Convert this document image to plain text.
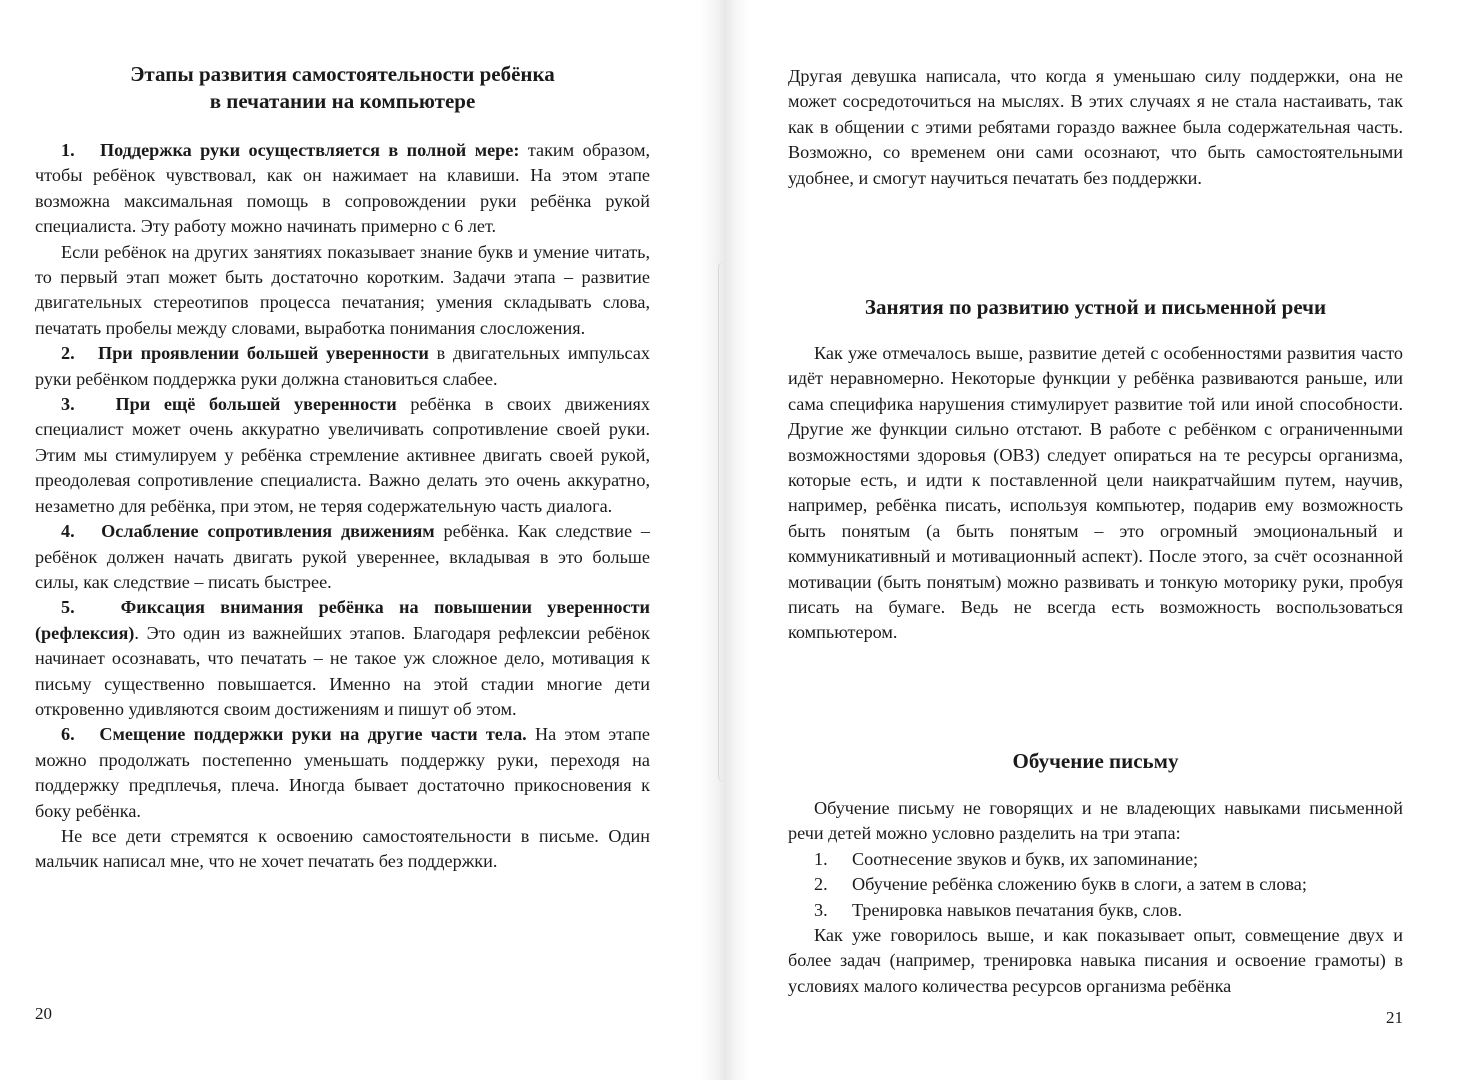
Этапы развития самостоятельности ребёнка

в печатании на компьютере

1. Поддержка руки осуществляется в полной мере: таким образом, чтобы ребёнок чувствовал, как он нажимает на клавиши. На этом этапе возможна максимальная помощь в сопровождении руки ребёнка рукой специалиста. Эту работу можно начинать примерно с 6 лет.

Если ребёнок на других занятиях показывает знание букв и умение читать, то первый этап может быть достаточно коротким. Задачи этапа – развитие двигательных стереотипов процесса печатания; умения складывать слова, печатать пробелы между словами, выработка понимания слосложения.

2. При проявлении большей уверенности в двигательных импульсах руки ребёнком поддержка руки должна становиться слабее.

3. При ещё большей уверенности ребёнка в своих движениях специалист может очень аккуратно увеличивать сопротивление своей руки. Этим мы стимулируем у ребёнка стремление активнее двигать своей рукой, преодолевая сопротивление специалиста. Важно делать это очень аккуратно, незаметно для ребёнка, при этом, не теряя содержательную часть диалога.

4. Ослабление сопротивления движениям ребёнка. Как следствие – ребёнок должен начать двигать рукой увереннее, вкладывая в это больше силы, как следствие – писать быстрее.

5.	Фиксация внимания ребёнка на повышении уверенности (рефлексия). Это один из важнейших этапов. Благодаря рефлексии ребёнок начинает осознавать, что печатать – не такое уж сложное дело, мотивация к письму существенно повышается. Именно на этой стадии многие дети откровенно удивляются своим достижениям и пишут об этом.

6. Смещение поддержки руки на другие части тела. На этом этапе можно продолжать постепенно уменьшать поддержку руки, переходя на поддержку предплечья, плеча. Иногда бывает достаточно прикосновения к боку ребёнка.

Не все дети стремятся к освоению самостоятельности в письме. Один мальчик написал мне, что не хочет печатать без поддержки.

20

Другая девушка написала, что когда я уменьшаю силу поддержки, она не может сосредоточиться на мыслях. В этих случаях я не стала настаивать, так как в общении с этими ребятами гораздо важнее была содержательная часть. Возможно, со временем они сами осознают, что быть самостоятельными удобнее, и смогут научиться печатать без поддержки.

Занятия по развитию устной и письменной речи

Как уже отмечалось выше, развитие детей с особенностями развития часто идёт неравномерно. Некоторые функции у ребёнка развиваются раньше, или сама специфика нарушения стимулирует развитие той или иной способности. Другие же функции сильно отстают. В работе с ребёнком с ограниченными возможностями здоровья (ОВЗ) следует опираться на те ресурсы организма, которые есть, и идти к поставленной цели наикратчайшим путем, научив, например, ребёнка писать, используя компьютер, подарив ему возможность быть понятым (а быть понятым – это огромный эмоциональный и коммуникативный и мотивационный аспект). После этого, за счёт осознанной мотивации (быть понятым) можно развивать и тонкую моторику руки, пробуя писать на бумаге. Ведь не всегда есть возможность воспользоваться компьютером.

Обучение письму

Обучение письму не говорящих и не владеющих навыками письменной речи детей можно условно разделить на три этапа:

1. Соотнесение звуков и букв, их запоминание;

2. Обучение ребёнка сложению букв в слоги, а затем в слова;

3. Тренировка навыков печатания букв, слов.

Как уже говорилось выше, и как показывает опыт, совмещение двух и более задач (например, тренировка навыка писания и освоение грамоты) в условиях малого количества ресурсов организма ребёнка

21
